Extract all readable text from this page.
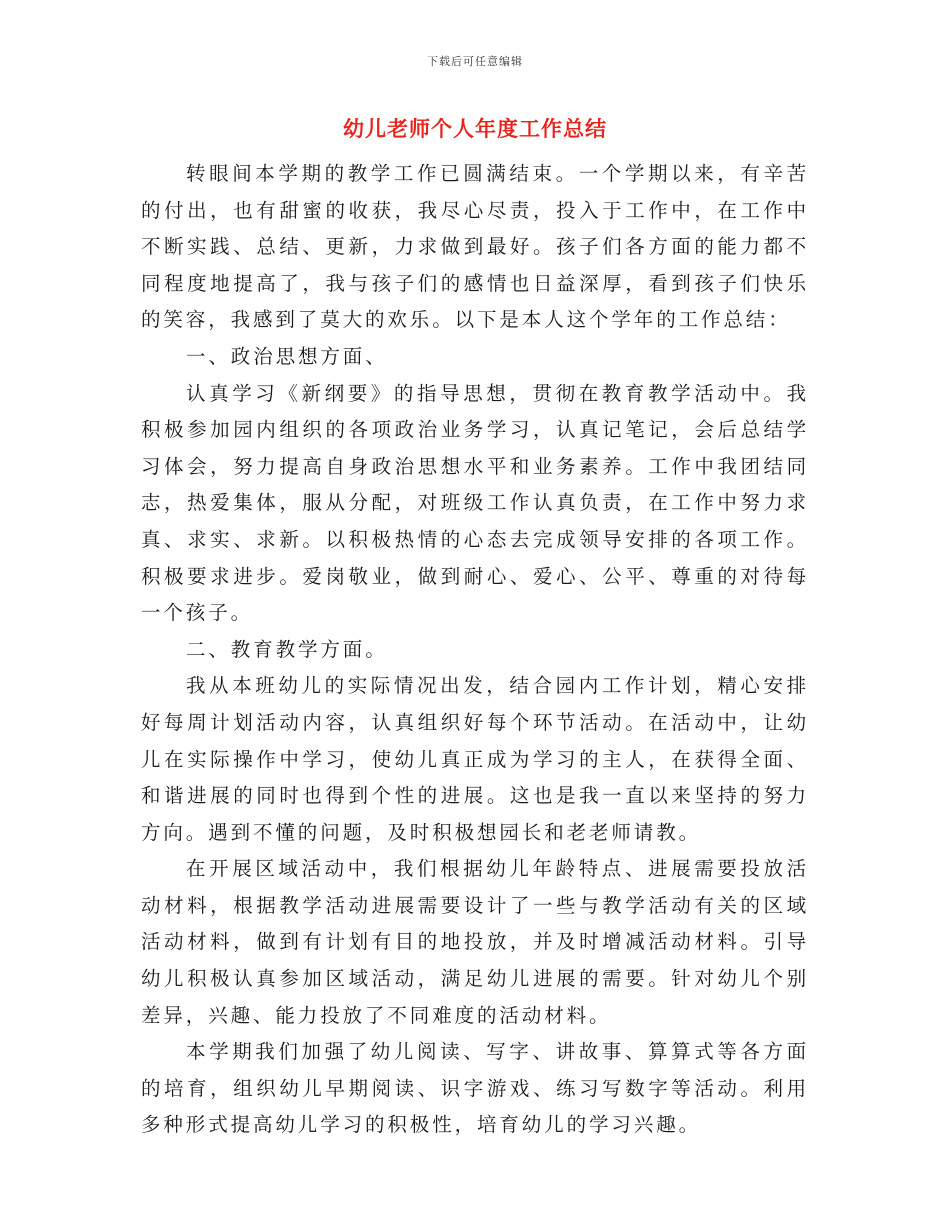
下载后可任意编辑
幼儿老师个人年度工作总结

转眼间本学期的教学工作已圆满结束。一个学期以来，有辛苦的付出，也有甜蜜的收获，我尽心尽责，投入于工作中，在工作中不断实践、总结、更新，力求做到最好。孩子们各方面的能力都不同程度地提高了，我与孩子们的感情也日益深厚，看到孩子们快乐的笑容，我感到了莫大的欢乐。以下是本人这个学年的工作总结：

一、政治思想方面、

认真学习《新纲要》的指导思想，贯彻在教育教学活动中。我积极参加园内组织的各项政治业务学习，认真记笔记，会后总结学习体会，努力提高自身政治思想水平和业务素养。工作中我团结同志，热爱集体，服从分配，对班级工作认真负责，在工作中努力求真、求实、求新。以积极热情的心态去完成领导安排的各项工作。积极要求进步。爱岗敬业，做到耐心、爱心、公平、尊重的对待每一个孩子。

二、教育教学方面。

我从本班幼儿的实际情况出发，结合园内工作计划，精心安排好每周计划活动内容，认真组织好每个环节活动。在活动中，让幼儿在实际操作中学习，使幼儿真正成为学习的主人，在获得全面、和谐进展的同时也得到个性的进展。这也是我一直以来坚持的努力方向。遇到不懂的问题，及时积极想园长和老老师请教。

在开展区域活动中，我们根据幼儿年龄特点、进展需要投放活动材料，根据教学活动进展需要设计了一些与教学活动有关的区域活动材料，做到有计划有目的地投放，并及时增减活动材料。引导幼儿积极认真参加区域活动，满足幼儿进展的需要。针对幼儿个别差异，兴趣、能力投放了不同难度的活动材料。

本学期我们加强了幼儿阅读、写字、讲故事、算算式等各方面的培育，组织幼儿早期阅读、识字游戏、练习写数字等活动。利用多种形式提高幼儿学习的积极性，培育幼儿的学习兴趣。
